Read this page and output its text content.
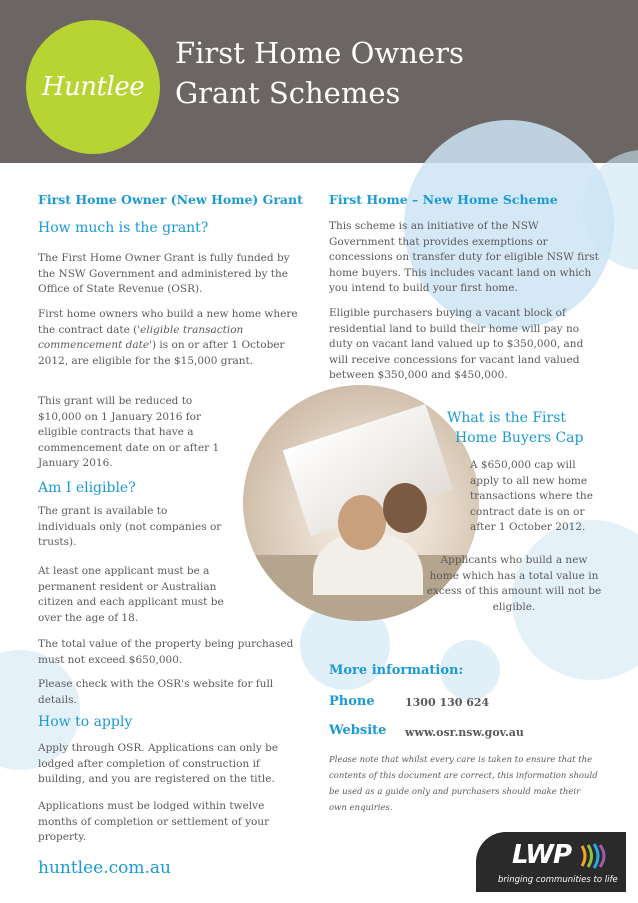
Huntlee
First Home Owners
Grant Schemes
First Home Owner (New Home) Grant
How much is the grant?
The First Home Owner Grant is fully funded by the NSW Government and administered by the Office of State Revenue (OSR).
First home owners who build a new home where the contract date ('eligible transaction commencement date') is on or after 1 October 2012, are eligible for the $15,000 grant.
This grant will be reduced to $10,000 on 1 January 2016 for eligible contracts that have a commencement date on or after 1 January 2016.
Am I eligible?
The grant is available to individuals only (not companies or trusts).
At least one applicant must be a permanent resident or Australian citizen and each applicant must be over the age of 18.
The total value of the property being purchased must not exceed $650,000.
Please check with the OSR's website for full details.
How to apply
Apply through OSR. Applications can only be lodged after completion of construction if building, and you are registered on the title.
Applications must be lodged within twelve months of completion or settlement of your property.
First Home – New Home Scheme
This scheme is an initiative of the NSW Government that provides exemptions or concessions on transfer duty for eligible NSW first home buyers. This includes vacant land on which you intend to build your first home.
Eligible purchasers buying a vacant block of residential land to build their home will pay no duty on vacant land valued up to $350,000, and will receive concessions for vacant land valued between $350,000 and $450,000.
What is the First
Home Buyers Cap
A $650,000 cap will apply to all new home transactions where the contract date is on or after 1 October 2012.
Applicants who build a new home which has a total value in excess of this amount will not be eligible.
More information:
Phone	1300 130 624
Website www.osr.nsw.gov.au
Please note that whilst every care is taken to ensure that the contents of this document are correct, this information should be used as a guide only and purchasers should make their own enquiries.
huntlee.com.au	LWP
bringing communities to life
